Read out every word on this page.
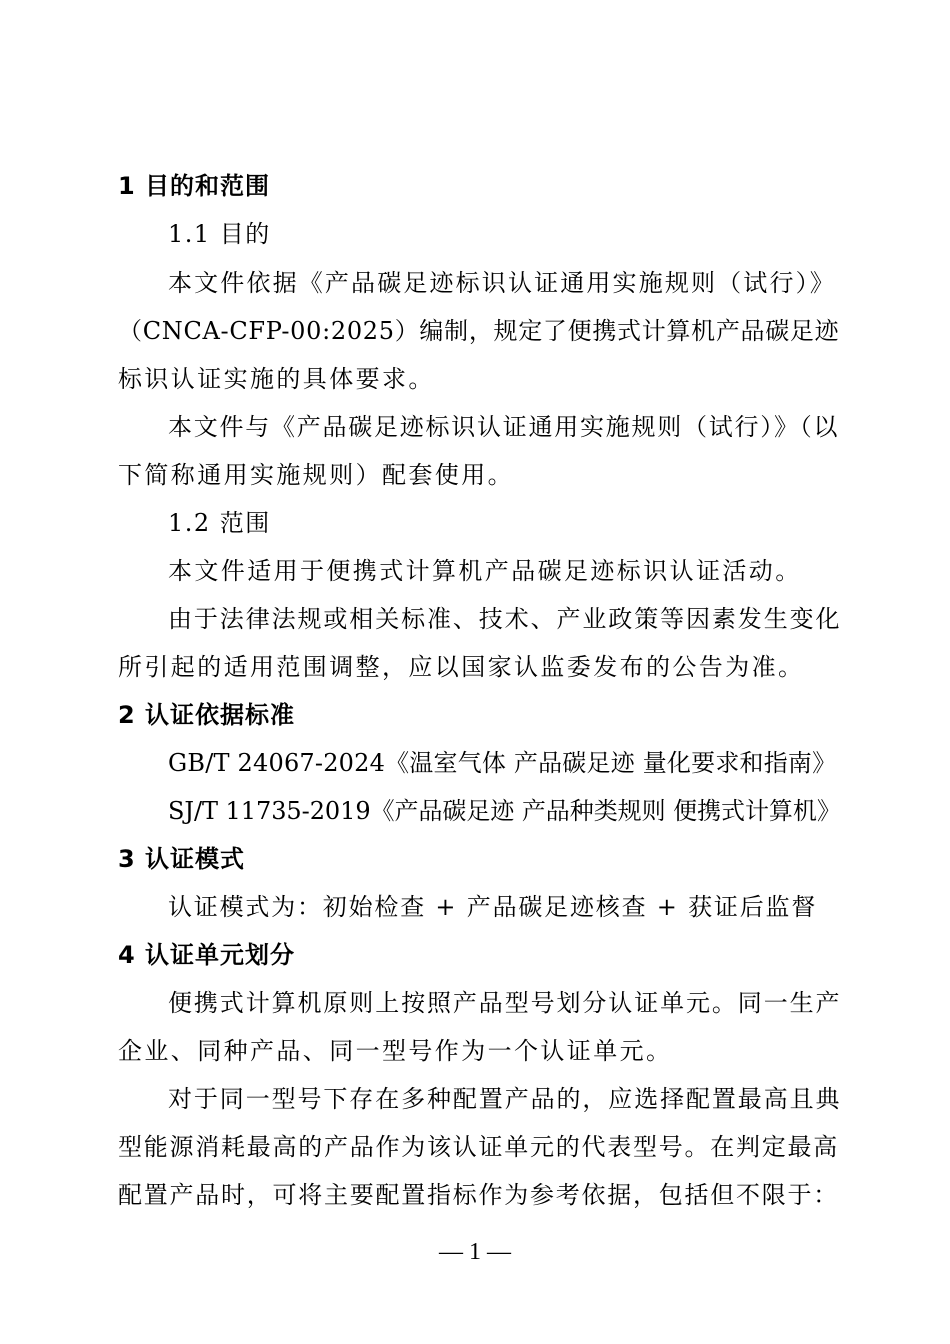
1 目的和范围
1.1 目的
本文件依据《产品碳足迹标识认证通用实施规则（试行）》
（CNCA-CFP-00:2025）编制，规定了便携式计算机产品碳足迹
标识认证实施的具体要求。
本文件与《产品碳足迹标识认证通用实施规则（试行）》（以
下简称通用实施规则）配套使用。
1.2 范围
本文件适用于便携式计算机产品碳足迹标识认证活动。
由于法律法规或相关标准、技术、产业政策等因素发生变化
所引起的适用范围调整，应以国家认监委发布的公告为准。
2 认证依据标准
GB/T 24067-2024《温室气体 产品碳足迹 量化要求和指南》
SJ/T 11735-2019《产品碳足迹 产品种类规则 便携式计算机》
3 认证模式
认证模式为：初始检查 + 产品碳足迹核查 + 获证后监督
4 认证单元划分
便携式计算机原则上按照产品型号划分认证单元。同一生产
企业、同种产品、同一型号作为一个认证单元。
对于同一型号下存在多种配置产品的，应选择配置最高且典
型能源消耗最高的产品作为该认证单元的代表型号。在判定最高
配置产品时，可将主要配置指标作为参考依据，包括但不限于：
— 1 —
